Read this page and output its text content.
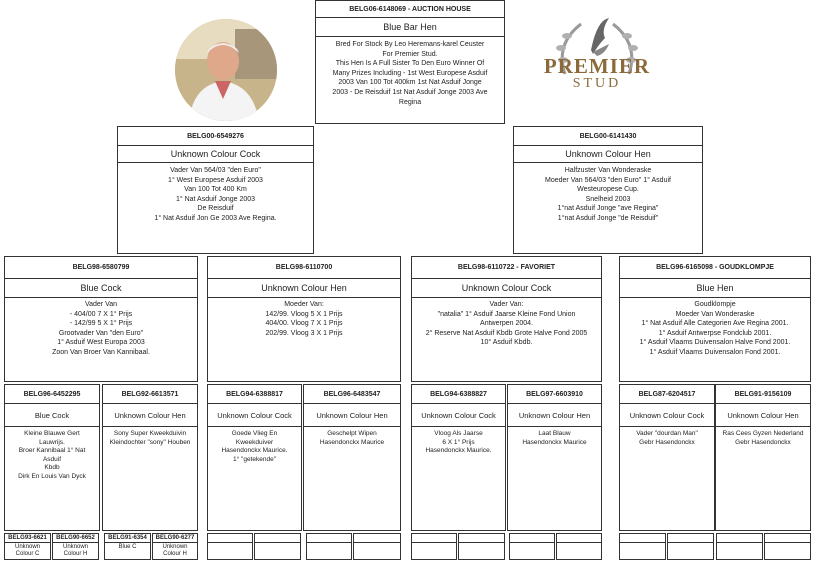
PREMIER
STUD
BELG06-6148069 - AUCTION HOUSE
Blue Bar Hen
Bred For Stock By Leo Heremans-karel Ceuster
For Premier Stud.
This Hen Is A Full Sister To Den Euro Winner Of
Many Prizes Including - 1st West Europese Asduif
2003 Van 100 Tot 400km 1st Nat Asduif Jonge
2003 - De Reisduif 1st Nat Asduif Jonge 2003 Ave
Regina
BELG00-6549276
Unknown Colour Cock
Vader Van 564/03 "den Euro"
1° West Europese Asduif 2003
Van 100 Tot 400 Km
1° Nat Asduif Jonge 2003
De Reisduif
1° Nat Asduif Jon Ge 2003 Ave Regina.
BELG00-6141430
Unknown Colour Hen
Halfzuster Van Wonderaske
Moeder Van 564/03 "den Euro" 1° Asduif
Westeuropese Cup.
Snelheid 2003
1°nat Asduif Jonge "ave Regina"
1°nat Asduif Jonge "de Reisduif"
BELG98-6580799
Blue Cock
Vader Van
- 404/00 7 X 1° Prijs
- 142/99 5 X 1° Prijs
Grootvader Van "den Euro"
1° Asduif West Europa 2003
Zoon Van Broer Van Kannibaal.
BELG98-6110700
Unknown Colour Hen
Moeder Van:
142/99. Vloog 5 X 1 Prijs
404/00. Vloog 7 X 1 Prijs
202/99. Vloog 3 X 1 Prijs
BELG98-6110722 - FAVORIET
Unknown Colour Cock
Vader Van:
"natalia" 1° Asduif Jaarse Kleine Fond Union
Antwerpen 2004.
2° Reserve Nat Asduif Kbdb Grote Halve Fond 2005
10° Asduif Kbdb.
BELG96-6165098 - GOUDKLOMPJE
Blue Hen
Goudklompje
Moeder Van Wonderaske
1° Nat Asduif Alle Categorien Ave Regina 2001.
1° Asduif Antwerpse Fondclub 2001.
1° Asduif Vlaams Duivensalon Halve Fond 2001.
1° Asduif Vlaams Duivensalon Fond 2001.
BELG96-6452295
Blue Cock
Kleine Blauwe Gert
Lauwrijs.
Broer Kannibaal 1° Nat
Asduif
Kbdb
Dirk En Louis Van Dyck
BELG92-6613571
Unknown Colour Hen
Sony Super Kweekduivin
Kleindochter "sony" Houben
BELG94-6388817
Unknown Colour Cock
Goede Vlieg En
Kweekduiver
Hasendonckx Maurice.
1° "getekende"
BELG96-6483547
Unknown Colour Hen
Geschelpt Wipen
Hasendonckx Maurice
BELG94-6388827
Unknown Colour Cock
Vloog Als Jaarse
6 X 1° Prijs
Hasendonckx Maurice.
BELG97-6603910
Unknown Colour Hen
Laat Blauw
Hasendonckx Maurice
BELG87-6204517
Unknown Colour Cock
Vader "dourdan Man"
Gebr Hasendonckx
BELG91-9156109
Unknown Colour Hen
Ras Cees Gyzen Nederland
Gebr Hasendonckx
BELG93-6621
Unknown
Colour C
BELG90-6652
Unknown
Colour H
BELG91-6354
Blue C
BELG90-6277
Unknown
Colour H
